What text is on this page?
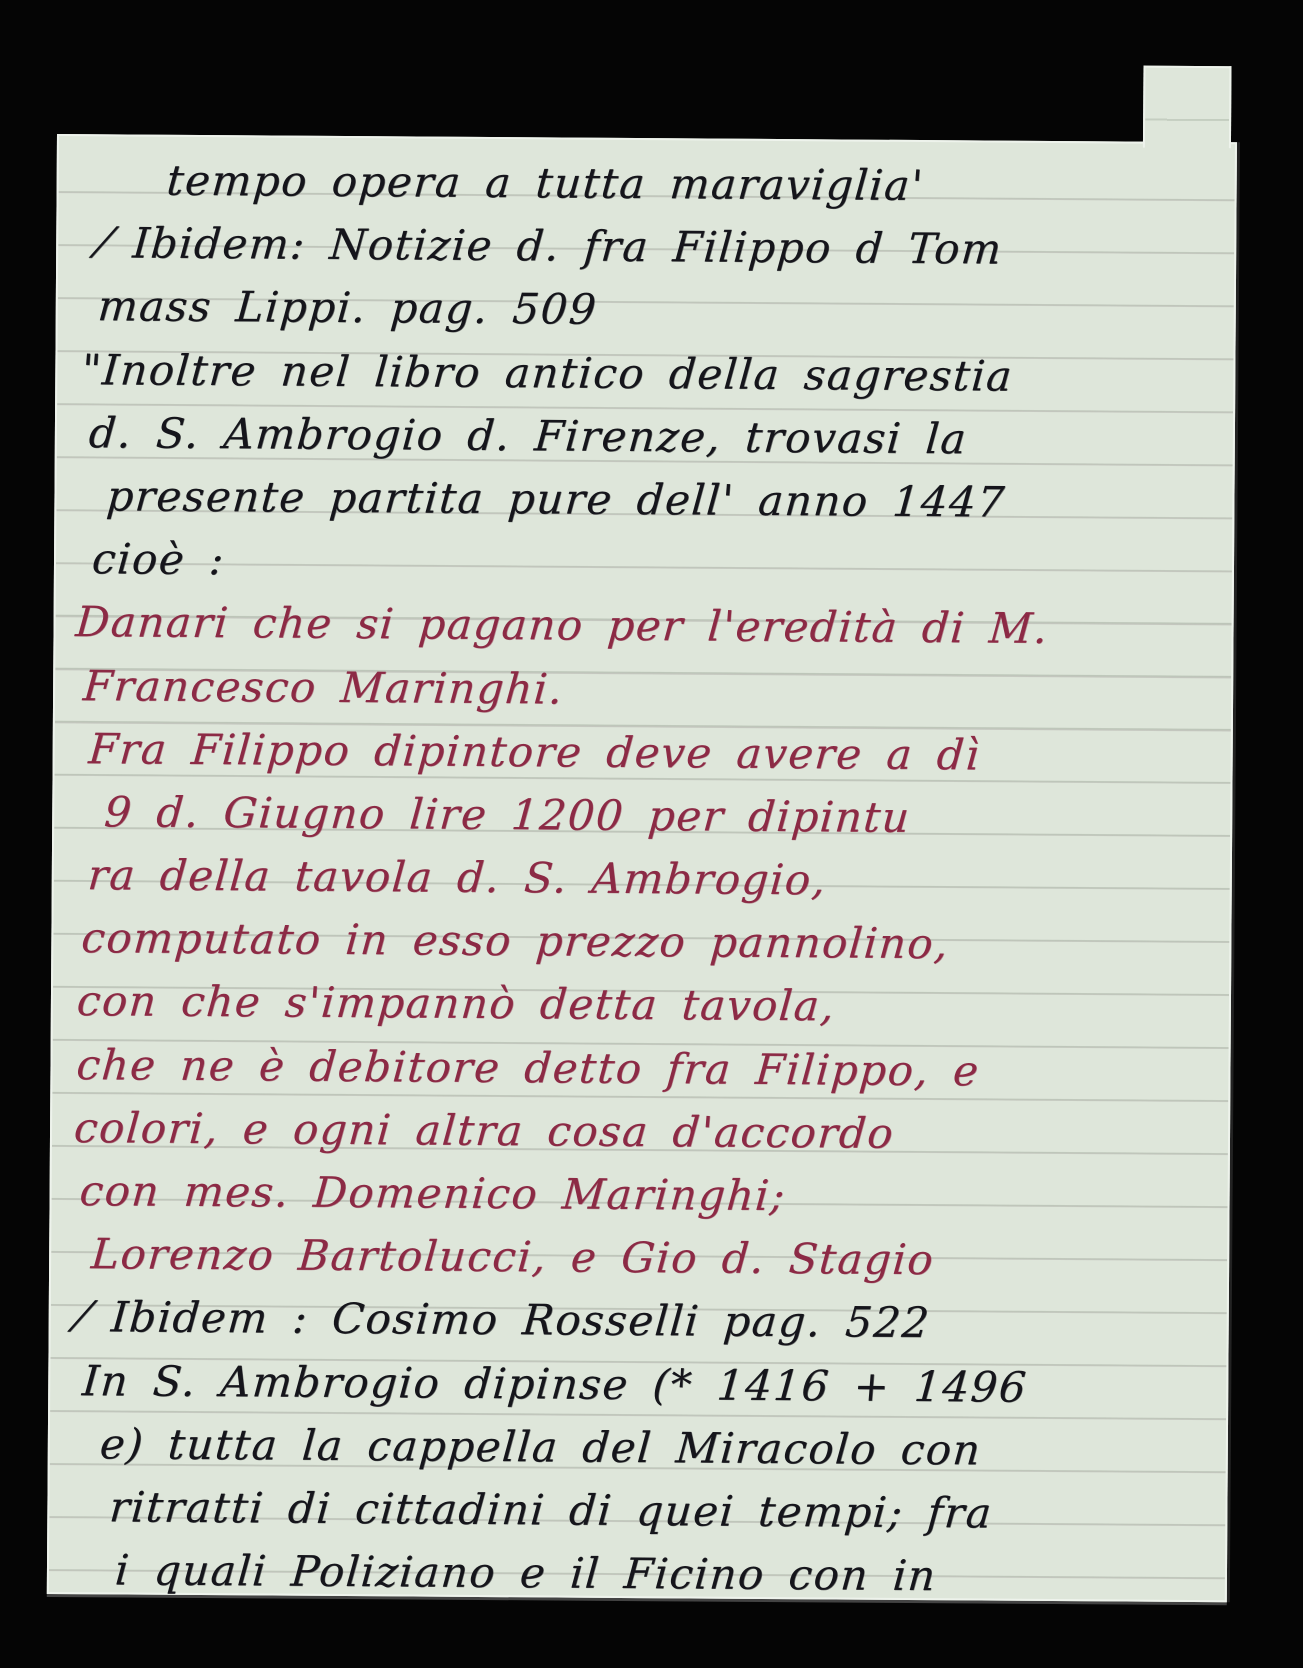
tempo opera a tutta maraviglia'
⁄ Ibidem: Notizie d. fra Filippo d Tom
mass Lippi. pag. 509
"Inoltre nel libro antico della sagrestia
d. S. Ambrogio d. Firenze, trovasi la
presente partita pure dell' anno 1447
cioè :
Danari che si pagano per l'eredità di M.
Francesco Maringhi.
Fra Filippo dipintore deve avere a dì
9 d. Giugno lire 1200 per dipintu
ra della tavola d. S. Ambrogio,
computato in esso prezzo pannolino,
con che s'impannò detta tavola,
che ne è debitore detto fra Filippo, e
colori, e ogni altra cosa d'accordo
con mes. Domenico Maringhi;
Lorenzo Bartolucci, e Gio d. Stagio
⁄ Ibidem : Cosimo Rosselli pag. 522
In S. Ambrogio dipinse (* 1416 + 1496
e) tutta la cappella del Miracolo con
ritratti di cittadini di quei tempi; fra
i quali Poliziano e il Ficino con in
